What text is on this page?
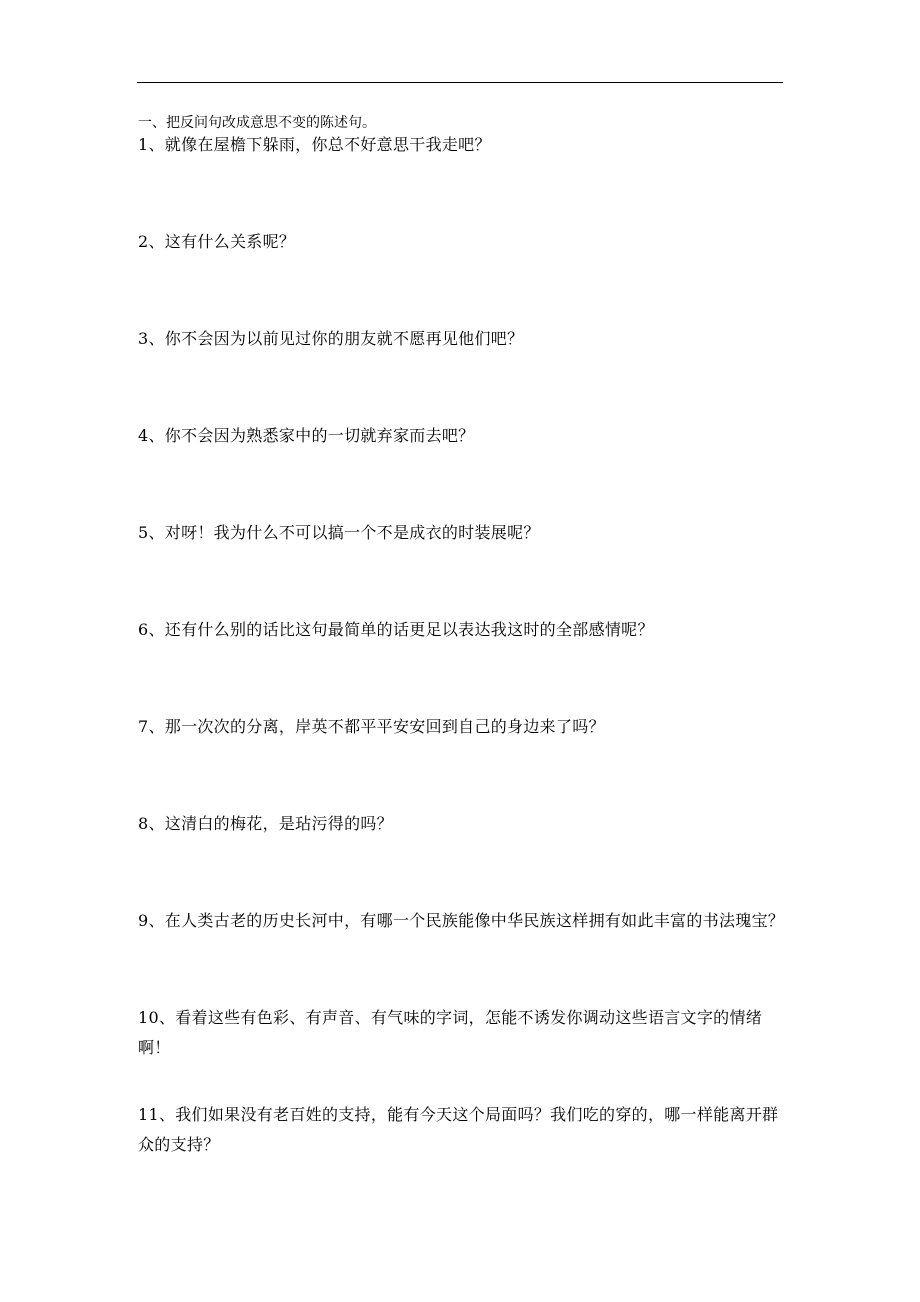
一、把反问句改成意思不变的陈述句。
1、就像在屋檐下躲雨，你总不好意思干我走吧？
2、这有什么关系呢？
3、你不会因为以前见过你的朋友就不愿再见他们吧？
4、你不会因为熟悉家中的一切就弃家而去吧？
5、对呀！我为什么不可以搞一个不是成衣的时装展呢？
6、还有什么别的话比这句最简单的话更足以表达我这时的全部感情呢？
7、那一次次的分离，岸英不都平平安安回到自己的身边来了吗？
8、这清白的梅花，是玷污得的吗？
9、在人类古老的历史长河中，有哪一个民族能像中华民族这样拥有如此丰富的书法瑰宝？
10、看着这些有色彩、有声音、有气味的字词，怎能不诱发你调动这些语言文字的情绪啊！
11、我们如果没有老百姓的支持，能有今天这个局面吗？我们吃的穿的，哪一样能离开群众的支持？
